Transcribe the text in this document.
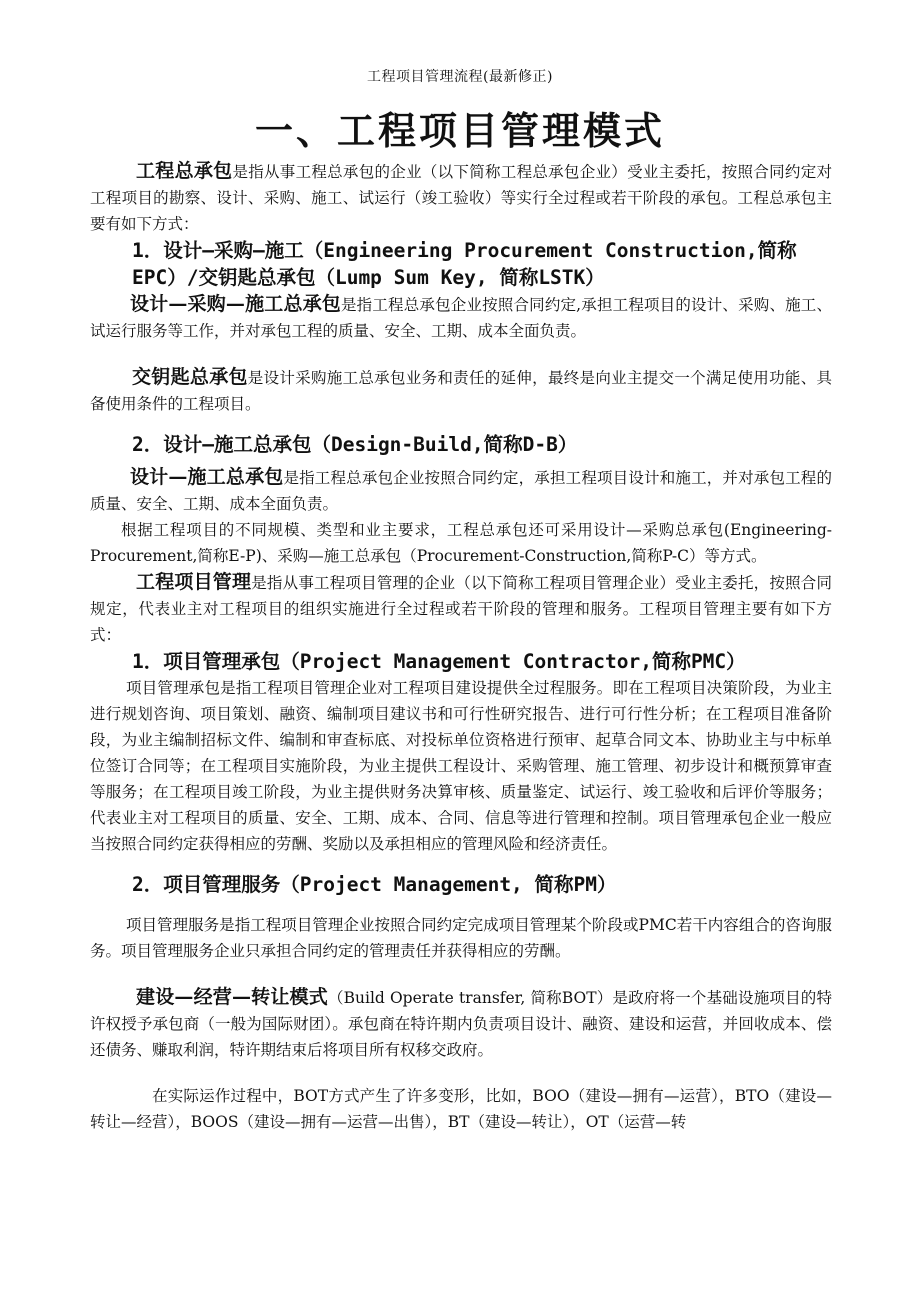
工程项目管理流程(最新修正)
一、工程项目管理模式

工程总承包是指从事工程总承包的企业（以下简称工程总承包企业）受业主委托，按照合同约定对工程项目的勘察、设计、采购、施工、试运行（竣工验收）等实行全过程或若干阶段的承包。工程总承包主要有如下方式：

1．设计—采购—施工（Engineering Procurement Construction,简称EPC）/交钥匙总承包（Lump Sum Key, 简称LSTK）

设计—采购—施工总承包是指工程总承包企业按照合同约定,承担工程项目的设计、采购、施工、试运行服务等工作，并对承包工程的质量、安全、工期、成本全面负责。

交钥匙总承包是设计采购施工总承包业务和责任的延伸，最终是向业主提交一个满足使用功能、具备使用条件的工程项目。

2．设计—施工总承包（Design-Build,简称D-B）

设计—施工总承包是指工程总承包企业按照合同约定，承担工程项目设计和施工，并对承包工程的质量、安全、工期、成本全面负责。

根据工程项目的不同规模、类型和业主要求，工程总承包还可采用设计—采购总承包(Engineering-Procurement,简称E-P)、采购—施工总承包（Procurement-Construction,简称P-C）等方式。

工程项目管理是指从事工程项目管理的企业（以下简称工程项目管理企业）受业主委托，按照合同规定，代表业主对工程项目的组织实施进行全过程或若干阶段的管理和服务。工程项目管理主要有如下方式：

1．项目管理承包（Project Management Contractor,简称PMC）

项目管理承包是指工程项目管理企业对工程项目建设提供全过程服务。即在工程项目决策阶段，为业主进行规划咨询、项目策划、融资、编制项目建议书和可行性研究报告、进行可行性分析；在工程项目准备阶段，为业主编制招标文件、编制和审查标底、对投标单位资格进行预审、起草合同文本、协助业主与中标单位签订合同等；在工程项目实施阶段，为业主提供工程设计、采购管理、施工管理、初步设计和概预算审查等服务；在工程项目竣工阶段，为业主提供财务决算审核、质量鉴定、试运行、竣工验收和后评价等服务；代表业主对工程项目的质量、安全、工期、成本、合同、信息等进行管理和控制。项目管理承包企业一般应当按照合同约定获得相应的劳酬、奖励以及承担相应的管理风险和经济责任。

2．项目管理服务（Project Management, 简称PM）

项目管理服务是指工程项目管理企业按照合同约定完成项目管理某个阶段或PMC若干内容组合的咨询服务。项目管理服务企业只承担合同约定的管理责任并获得相应的劳酬。

建设—经营—转让模式（Build Operate transfer, 简称BOT）是政府将一个基础设施项目的特许权授予承包商（一般为国际财团）。承包商在特许期内负责项目设计、融资、建设和运营，并回收成本、偿还债务、赚取利润，特许期结束后将项目所有权移交政府。

在实际运作过程中，BOT方式产生了许多变形，比如，BOO（建设—拥有—运营），BTO（建设—转让—经营），BOOS（建设—拥有—运营—出售），BT（建设—转让），OT（运营—转
